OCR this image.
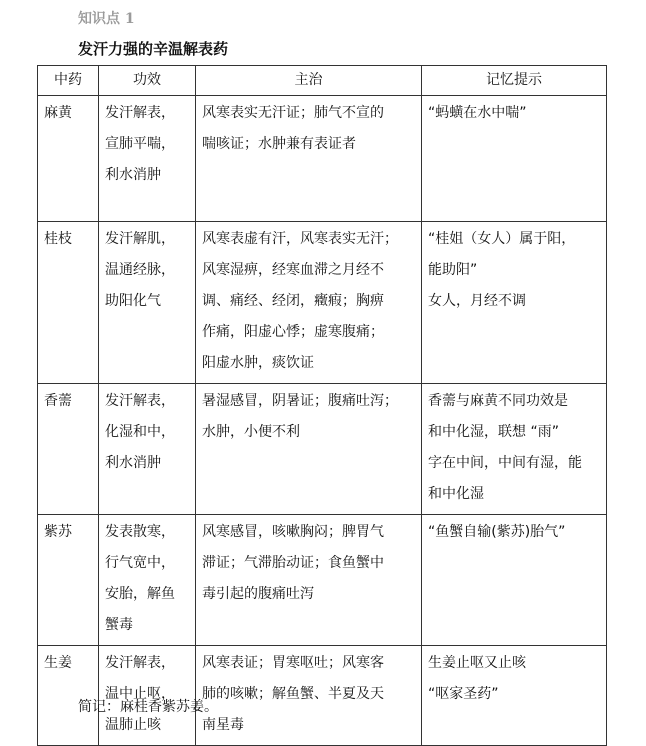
知识点 1
发汗力强的辛温解表药
中药	功效	主治	记忆提示

麻黄	发汗解表，
宣肺平喘，
利水消肿	风寒表实无汗证；肺气不宣的
喘咳证；水肿兼有表证者	“蚂蟥在水中喘”

桂枝	发汗解肌，
温通经脉，
助阳化气	风寒表虚有汗，风寒表实无汗；
风寒湿痹，经寒血滞之月经不
调、痛经、经闭，癥瘕；胸痹
作痛，阳虚心悸；虚寒腹痛；
阳虚水肿，痰饮证	“桂姐（女人）属于阳，
能助阳”
女人，月经不调

香薷	发汗解表，
化湿和中，
利水消肿	暑湿感冒，阴暑证；腹痛吐泻；
水肿，小便不利	香薷与麻黄不同功效是
和中化湿，联想 “雨”
字在中间，中间有湿，能
和中化湿

紫苏	发表散寒，
行气宽中，
安胎，解鱼
蟹毒	风寒感冒，咳嗽胸闷；脾胃气
滞证；气滞胎动证；食鱼蟹中
毒引起的腹痛吐泻	“鱼蟹自输(紫苏)胎气”

生姜	发汗解表，
温中止呕，
温肺止咳	风寒表证；胃寒呕吐；风寒客
肺的咳嗽；解鱼蟹、半夏及天
南星毒	生姜止呕又止咳
“呕家圣药”
简记：麻桂香紫苏姜。
